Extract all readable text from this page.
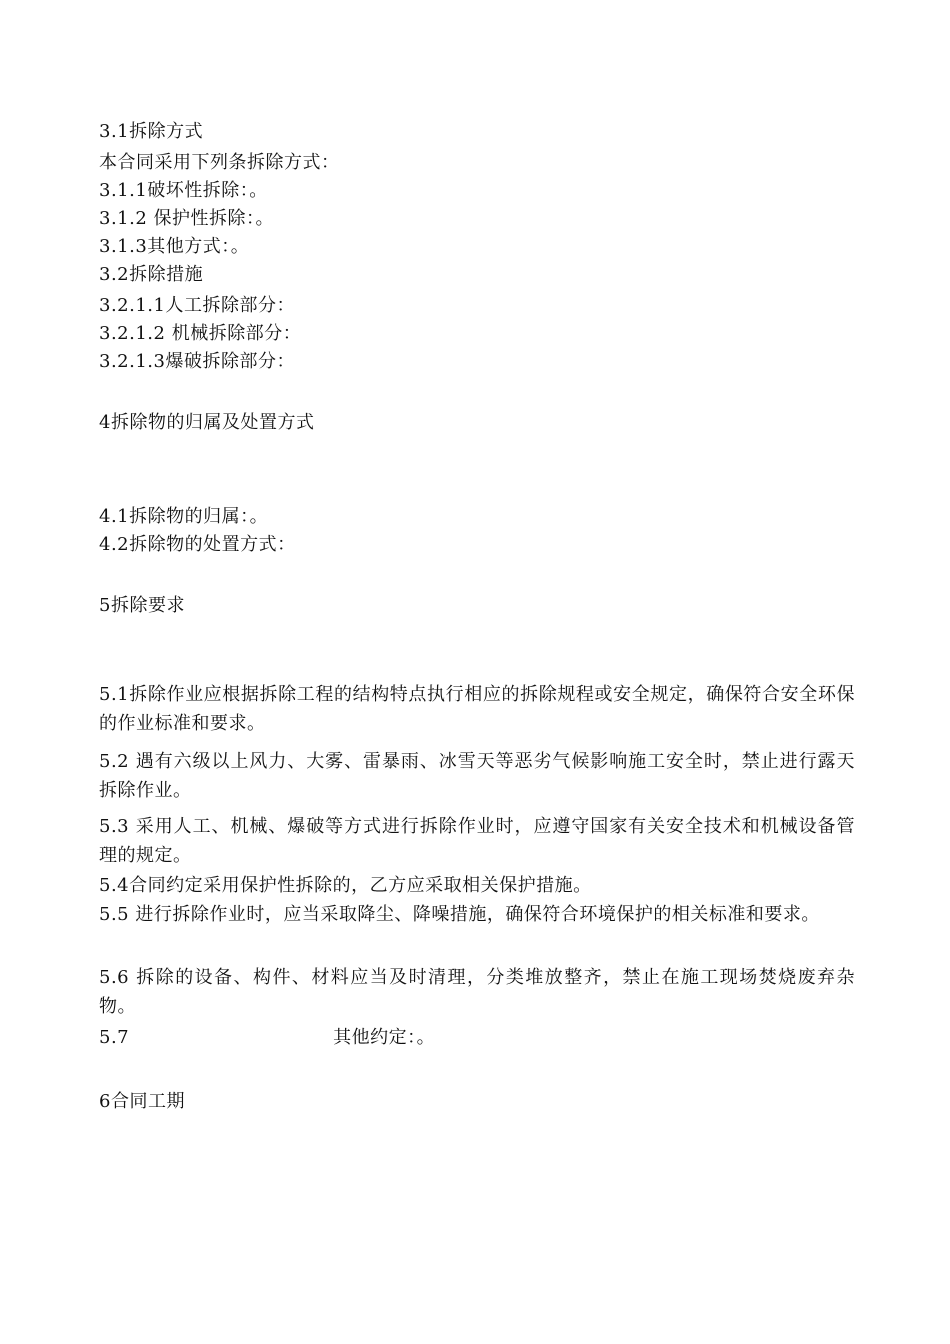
3.1拆除方式

本合同采用下列条拆除方式：

3.1.1破坏性拆除：。

3.1.2 保护性拆除：。

3.1.3其他方式：。

3.2拆除措施

3.2.1.1人工拆除部分：

3.2.1.2 机械拆除部分：

3.2.1.3爆破拆除部分：

4拆除物的归属及处置方式

4.1拆除物的归属：。

4.2拆除物的处置方式：

5拆除要求

5.1拆除作业应根据拆除工程的结构特点执行相应的拆除规程或安全规定，确保符合安全环保的作业标准和要求。

5.2 遇有六级以上风力、大雾、雷暴雨、冰雪天等恶劣气候影响施工安全时，禁止进行露天拆除作业。

5.3 采用人工、机械、爆破等方式进行拆除作业时，应遵守国家有关安全技术和机械设备管理的规定。

5.4合同约定采用保护性拆除的，乙方应采取相关保护措施。

5.5 进行拆除作业时，应当采取降尘、降噪措施，确保符合环境保护的相关标准和要求。

5.6 拆除的设备、构件、材料应当及时清理，分类堆放整齐，禁止在施工现场焚烧废弃杂物。

5.7	其他约定：。

6合同工期
